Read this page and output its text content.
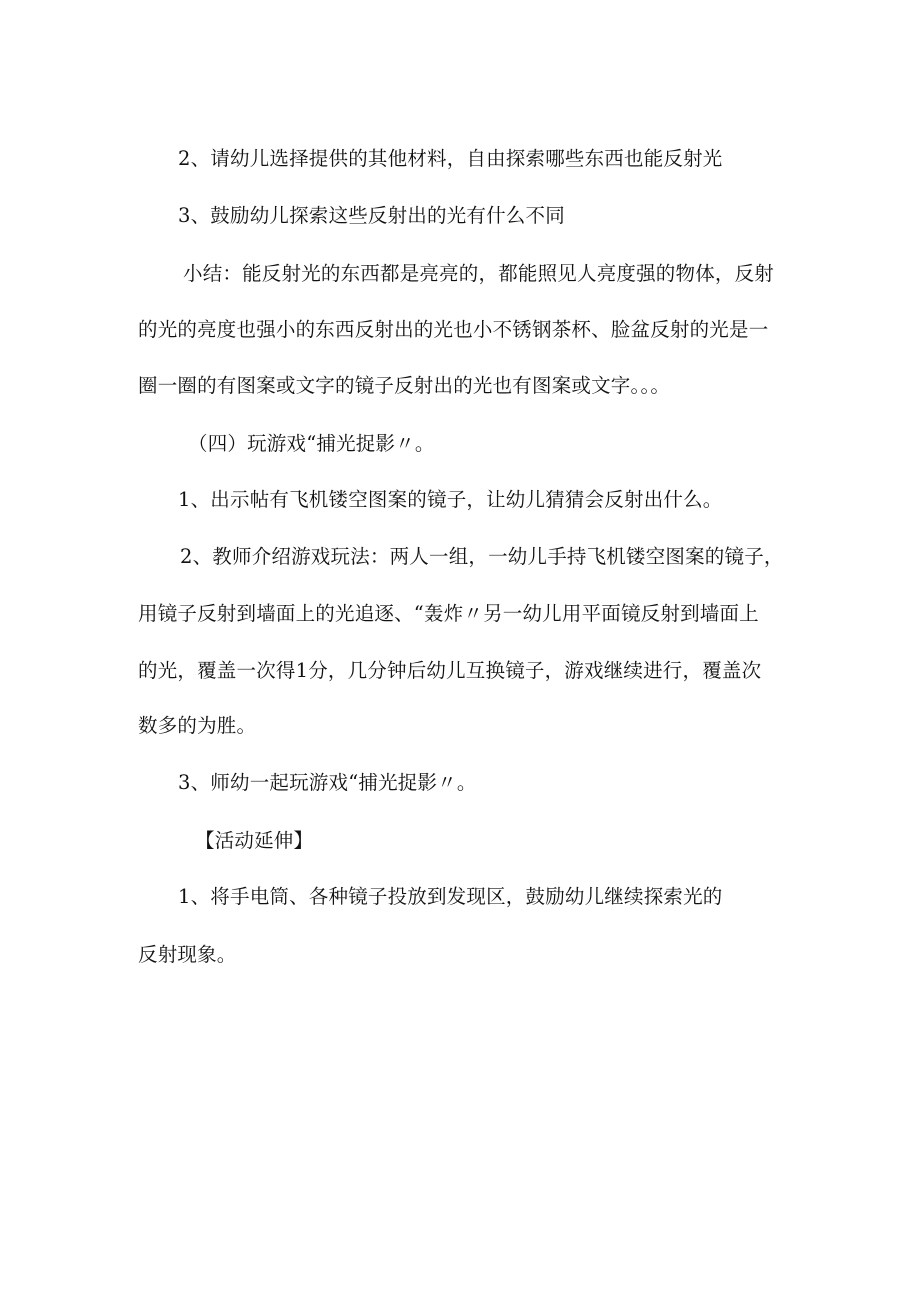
2、请幼儿选择提供的其他材料，自由探索哪些东西也能反射光
3、鼓励幼儿探索这些反射出的光有什么不同
小结：能反射光的东西都是亮亮的，都能照见人亮度强的物体，反射
的光的亮度也强小的东西反射出的光也小不锈钢茶杯、脸盆反射的光是一
圈一圈的有图案或文字的镜子反射出的光也有图案或文字。。。
（四）玩游戏“捕光捉影〃。
1、出示帖有飞机镂空图案的镜子，让幼儿猜猜会反射出什么。
2、教师介绍游戏玩法：两人一组，一幼儿手持飞机镂空图案的镜子，
用镜子反射到墙面上的光追逐、“轰炸〃另一幼儿用平面镜反射到墙面上
的光，覆盖一次得1分，几分钟后幼儿互换镜子，游戏继续进行，覆盖次
数多的为胜。
3、师幼一起玩游戏“捕光捉影〃。
【活动延伸】
1、将手电筒、各种镜子投放到发现区，鼓励幼儿继续探索光的
反射现象。
